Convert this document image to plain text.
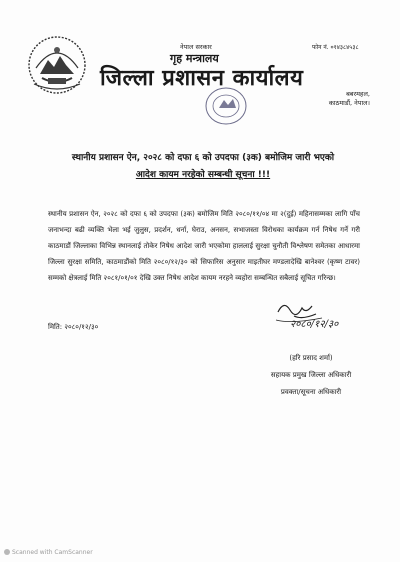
नेपाल सरकार
गृह मन्त्रालय
जिल्ला प्रशासन कार्यालय
फोन नं. ०१४३८४५३८
बबरमहल,
काठमाडौं, नेपाल।
स्थानीय प्रशासन ऐन, २०२८ को दफा ६ को उपदफा (३क) बमोजिम जारी भएको
आदेश कायम नरहेको सम्बन्धी सूचना !!!
स्थानीय प्रशासन ऐन, २०२८ को दफा ६ को उपदफा (३क) बमोजिम मिति २०८०/११/०४ मा २(दुई) महिनासम्मका लागि पाँच जनाभन्दा बढी व्यक्ति भेला भई जुलुस, प्रदर्शन, धर्ना, घेराउ, अनसन, सभाजस्ता विरोधका कार्यक्रम गर्न निषेध गर्ने गरी काठमाडौं जिल्लाका विभिन्न स्थानलाई तोकेर निषेध आदेश जारी भएकोमा हाललाई सुरक्षा चुनौती विश्लेषण समेतका आधारमा जिल्ला सुरक्षा समिति, काठमाडौंको मिति २०८०/१२/३० को सिफारिस अनुसार माइतीघर मण्डलादेखि बानेश्वर (कृष्ण टावर) सम्मको क्षेत्रलाई मिति २०८१/०१/०१ देखि उक्त निषेध आदेश कायम नरहने व्यहोरा सम्बन्धित सबैलाई सूचित गरिन्छ।
मिति: २०८०/१२/३०	२०८०/१२/३०
(हरि प्रसाद शर्मा)
सहायक प्रमुख जिल्ला अधिकारी
प्रवक्ता/सूचना अधिकारी
Scanned with CamScanner
